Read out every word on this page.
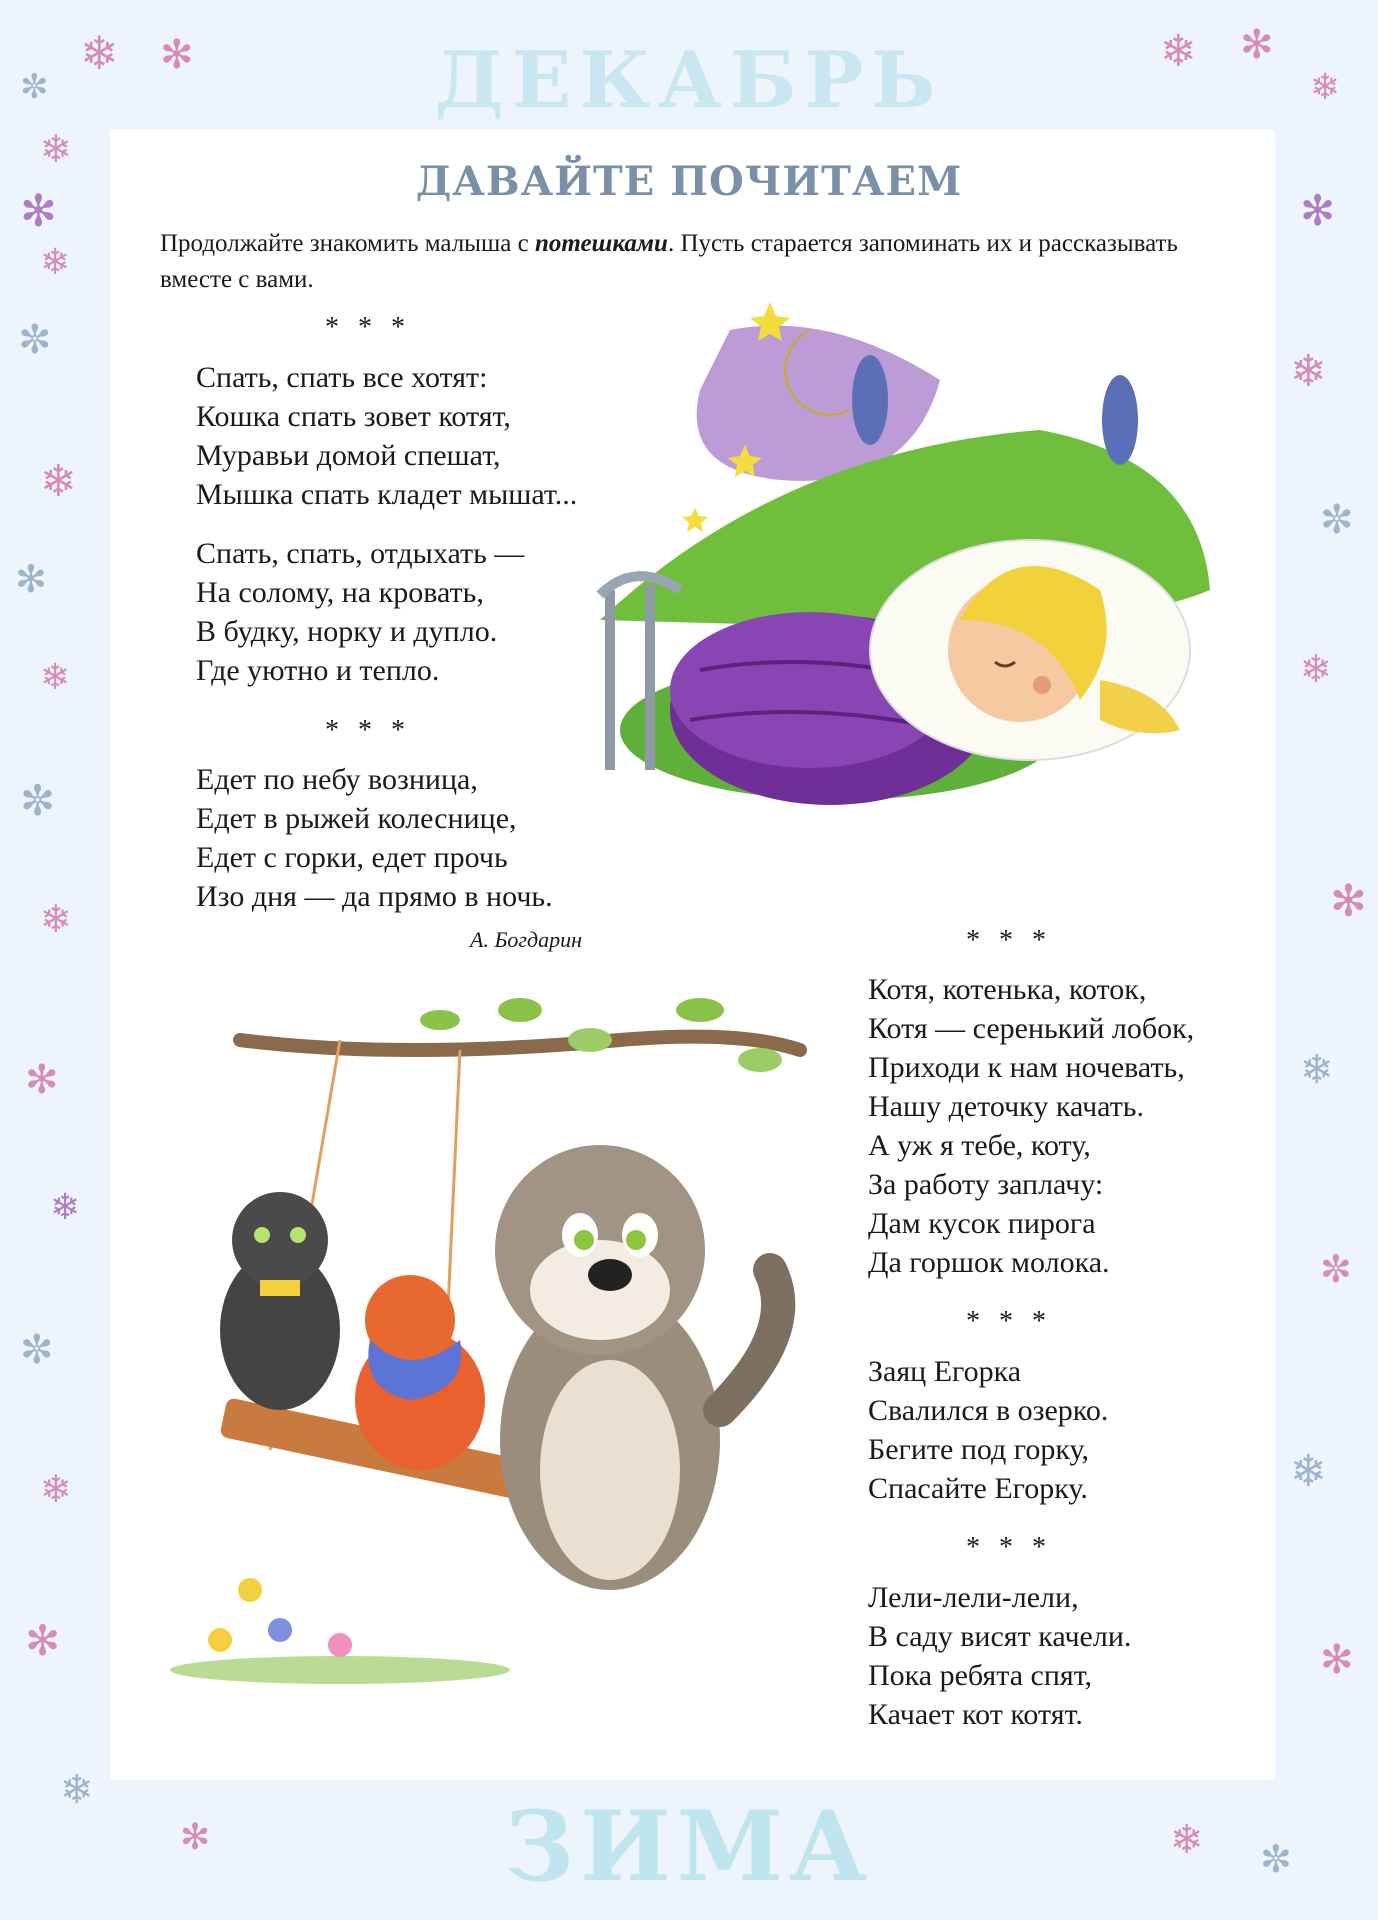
❄ ✻
✼
❄
✻
❄
✼
❄
✻
❄
✼
❄
✻
❄
✼
❄
✻
❄
✻
❄ ✻
❄
✻
❄
✼
❄
✻
❄
✼
❄
✻
❄ ✼
ДЕКАБРЬ
ДАВАЙТЕ ПОЧИТАЕМ
Продолжайте знакомить малыша с потешками. Пусть старается запоминать их и рассказывать вместе с вами.
* * *
Спать, спать все хотят:
Кошка спать зовет котят,
Муравьи домой спешат,
Мышка спать кладет мышат...
Спать, спать, отдыхать —
На солому, на кровать,
В будку, норку и дупло.
Где уютно и тепло.
* * *
Едет по небу возница,
Едет в рыжей колеснице,
Едет с горки, едет прочь
Изо дня — да прямо в ночь.
А. Богдарин	* * *
Котя, котенька, коток,
Котя — серенький лобок,
Приходи к нам ночевать,
Нашу деточку качать.
А уж я тебе, коту,
За работу заплачу:
Дам кусок пирога
Да горшок молока.
* * *
Заяц Егорка
Свалился в озерко.
Бегите под горку,
Спасайте Егорку.
* * *
Лели-лели-лели,
В саду висят качели.
Пока ребята спят,
Качает кот котят.
ЗИМА
